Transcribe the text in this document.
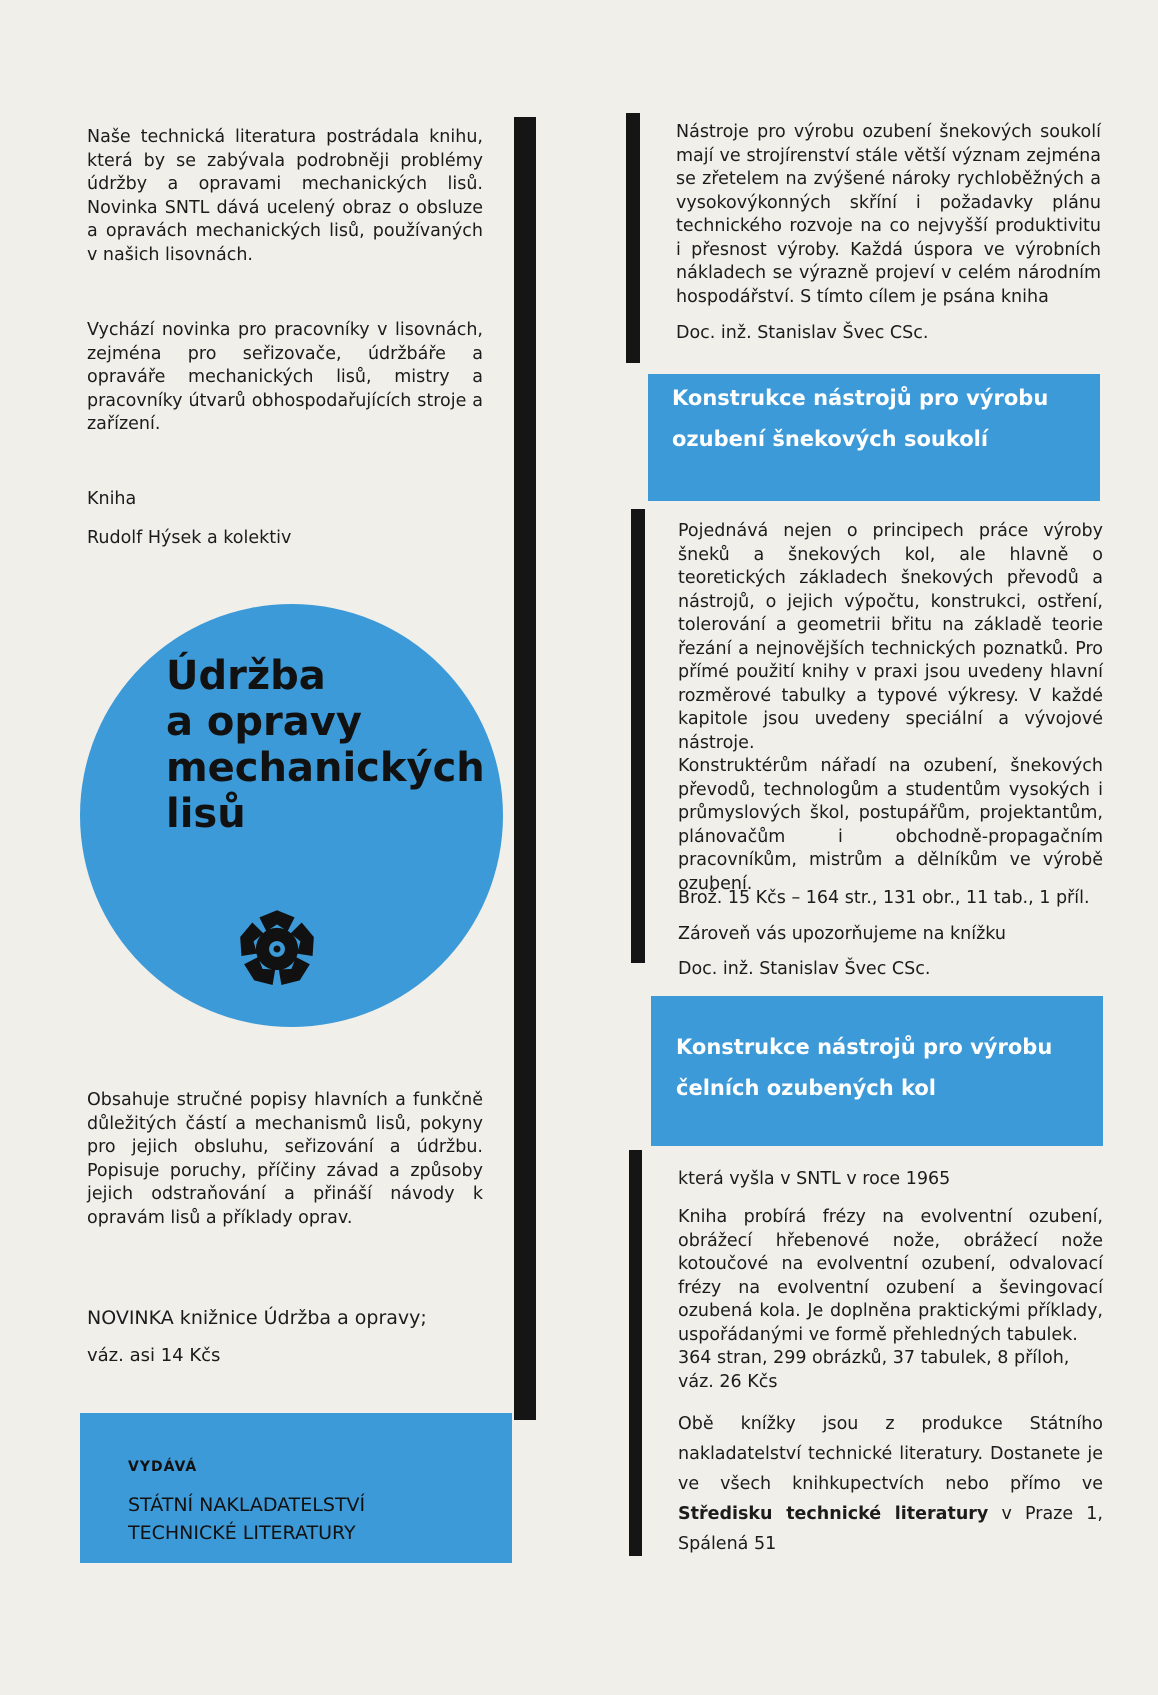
Naše technická literatura postrádala knihu, která by se zabývala podrobněji problémy údržby a opravami mechanických lisů. Novinka SNTL dává ucelený obraz o obsluze a opravách mechanických lisů, používaných v našich lisovnách.

Vychází novinka pro pracovníky v lisovnách, zejména pro seřizovače, údržbáře a opraváře mechanických lisů, mistry a pracovníky útvarů obhospodařujících stroje a zařízení.

Kniha
Rudolf Hýsek a kolektiv
Údržba
a opravy
mechanických
lisů

Obsahuje stručné popisy hlavních a funkčně důležitých částí a mechanismů lisů, pokyny pro jejich obsluhu, seřizování a údržbu. Popisuje poruchy, příčiny závad a způsoby jejich odstraňování a přináší návody k opravám lisů a příklady oprav.

NOVINKA knižnice Údržba a opravy;
váz. asi 14 Kčs
VYDÁVÁ
STÁTNÍ NAKLADATELSTVÍ
TECHNICKÉ LITERATURY

Nástroje pro výrobu ozubení šnekových soukolí mají ve strojírenství stále větší význam zejména se zřetelem na zvýšené nároky rychloběžných a vysokovýkonných skříní i požadavky plánu technického rozvoje na co nejvyšší produktivitu i přesnost výroby. Každá úspora ve výrobních nákladech se výrazně projeví v celém národním hospodářství. S tímto cílem je psána kniha

Doc. inž. Stanislav Švec CSc.
Konstrukce nástrojů pro výrobu
ozubení šnekových soukolí

Pojednává nejen o principech práce výroby šneků a šnekových kol, ale hlavně o teoretických základech šnekových převodů a nástrojů, o jejich výpočtu, konstrukci, ostření, tolerování a geometrii břitu na základě teorie řezání a nejnovějších technických poznatků. Pro přímé použití knihy v praxi jsou uvedeny hlavní rozměrové tabulky a typové výkresy. V každé kapitole jsou uvedeny speciální a vývojové nástroje.

Konstruktérům nářadí na ozubení, šnekových převodů, technologům a studentům vysokých i průmyslových škol, postupářům, projektantům, plánovačům i obchodně-propagačním pracovníkům, mistrům a dělníkům ve výrobě ozubení.

Brož. 15 Kčs – 164 str., 131 obr., 11 tab., 1 příl.
Zároveň vás upozorňujeme na knížku
Doc. inž. Stanislav Švec CSc.
Konstrukce nástrojů pro výrobu
čelních ozubených kol
která vyšla v SNTL v roce 1965

Kniha probírá frézy na evolventní ozubení, obrážecí hřebenové nože, obrážecí nože kotoučové na evolventní ozubení, odvalovací frézy na evolventní ozubení a ševingovací ozubená kola. Je doplněna praktickými příklady, uspořádanými ve formě přehledných tabulek.

364 stran, 299 obrázků, 37 tabulek, 8 příloh,

váz. 26 Kčs

Obě knížky jsou z produkce Státního nakladatelství technické literatury. Dostanete je ve všech knihkupectvích nebo přímo ve Středisku technické literatury v Praze 1, Spálená 51
